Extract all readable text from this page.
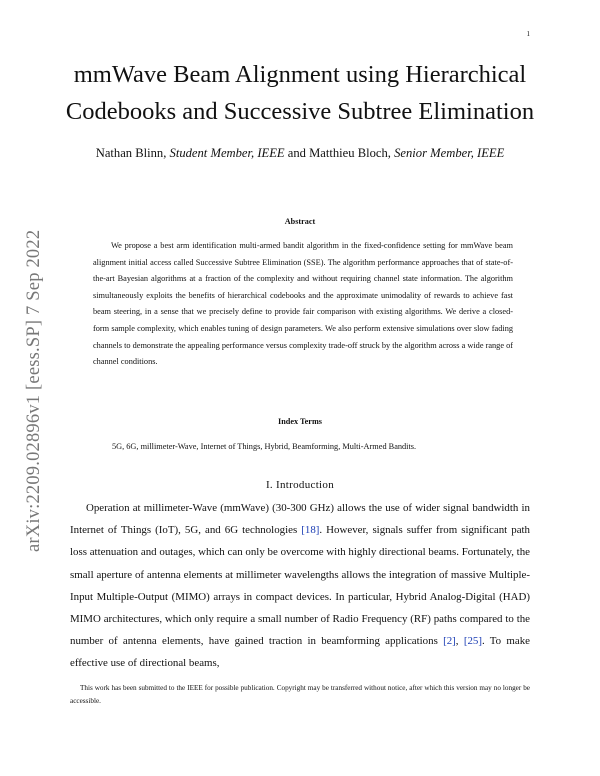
1
arXiv:2209.02896v1 [eess.SP] 7 Sep 2022
mmWave Beam Alignment using Hierarchical Codebooks and Successive Subtree Elimination
Nathan Blinn, Student Member, IEEE and Matthieu Bloch, Senior Member, IEEE
Abstract

We propose a best arm identification multi-armed bandit algorithm in the fixed-confidence setting for mmWave beam alignment initial access called Successive Subtree Elimination (SSE). The algorithm performance approaches that of state-of-the-art Bayesian algorithms at a fraction of the complexity and without requiring channel state information. The algorithm simultaneously exploits the benefits of hierarchical codebooks and the approximate unimodality of rewards to achieve fast beam steering, in a sense that we precisely define to provide fair comparison with existing algorithms. We derive a closed-form sample complexity, which enables tuning of design parameters. We also perform extensive simulations over slow fading channels to demonstrate the appealing performance versus complexity trade-off struck by the algorithm across a wide range of channel conditions.

Index Terms
5G, 6G, millimeter-Wave, Internet of Things, Hybrid, Beamforming, Multi-Armed Bandits.
I. Introduction

Operation at millimeter-Wave (mmWave) (30-300 GHz) allows the use of wider signal bandwidth in Internet of Things (IoT), 5G, and 6G technologies [18]. However, signals suffer from significant path loss attenuation and outages, which can only be overcome with highly directional beams. Fortunately, the small aperture of antenna elements at millimeter wavelengths allows the integration of massive Multiple-Input Multiple-Output (MIMO) arrays in compact devices. In particular, Hybrid Analog-Digital (HAD) MIMO architectures, which only require a small number of Radio Frequency (RF) paths compared to the number of antenna elements, have gained traction in beamforming applications [2], [25]. To make effective use of directional beams,

This work has been submitted to the IEEE for possible publication. Copyright may be transferred without notice, after which this version may no longer be accessible.
